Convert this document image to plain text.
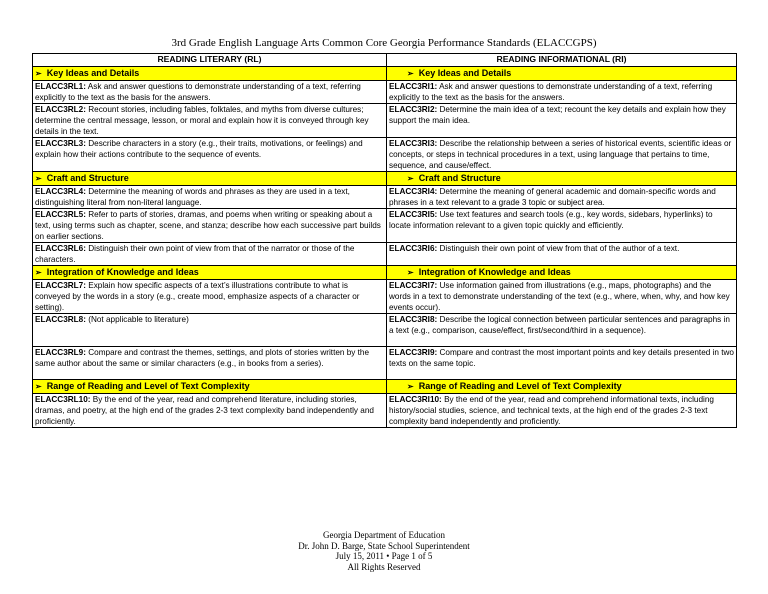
3rd Grade English Language Arts Common Core Georgia Performance Standards (ELACCGPS)
READING LITERARY (RL)	READING INFORMATIONAL (RI)
➢ Key Ideas and Details	➢ Key Ideas and Details
ELACC3RL1: Ask and answer questions to demonstrate understanding of a text, referring explicitly to the text as the basis for the answers.	ELACC3RI1: Ask and answer questions to demonstrate understanding of a text, referring explicitly to the text as the basis for the answers.
ELACC3RL2: Recount stories, including fables, folktales, and myths from diverse cultures; determine the central message, lesson, or moral and explain how it is conveyed through key details in the text.	ELACC3RI2: Determine the main idea of a text; recount the key details and explain how they support the main idea.
ELACC3RL3: Describe characters in a story (e.g., their traits, motivations, or feelings) and explain how their actions contribute to the sequence of events.	ELACC3RI3: Describe the relationship between a series of historical events, scientific ideas or concepts, or steps in technical procedures in a text, using language that pertains to time, sequence, and cause/effect.
➢ Craft and Structure	➢ Craft and Structure
ELACC3RL4: Determine the meaning of words and phrases as they are used in a text, distinguishing literal from non-literal language.	ELACC3RI4: Determine the meaning of general academic and domain-specific words and phrases in a text relevant to a grade 3 topic or subject area.
ELACC3RL5: Refer to parts of stories, dramas, and poems when writing or speaking about a text, using terms such as chapter, scene, and stanza; describe how each successive part builds on earlier sections.	ELACC3RI5: Use text features and search tools (e.g., key words, sidebars, hyperlinks) to locate information relevant to a given topic quickly and efficiently.
ELACC3RL6: Distinguish their own point of view from that of the narrator or those of the characters.	ELACC3RI6: Distinguish their own point of view from that of the author of a text.
➢ Integration of Knowledge and Ideas	➢ Integration of Knowledge and Ideas
ELACC3RL7: Explain how specific aspects of a text’s illustrations contribute to what is conveyed by the words in a story (e.g., create mood, emphasize aspects of a character or setting).	ELACC3RI7: Use information gained from illustrations (e.g., maps, photographs) and the words in a text to demonstrate understanding of the text (e.g., where, when, why, and how key events occur).
ELACC3RL8: (Not applicable to literature)	ELACC3RI8: Describe the logical connection between particular sentences and paragraphs in a text (e.g., comparison, cause/effect, first/second/third in a sequence).
ELACC3RL9: Compare and contrast the themes, settings, and plots of stories written by the same author about the same or similar characters (e.g., in books from a series).	ELACC3RI9: Compare and contrast the most important points and key details presented in two texts on the same topic.
➢ Range of Reading and Level of Text Complexity	➢ Range of Reading and Level of Text Complexity
ELACC3RL10: By the end of the year, read and comprehend literature, including stories, dramas, and poetry, at the high end of the grades 2-3 text complexity band independently and proficiently.	ELACC3RI10: By the end of the year, read and comprehend informational texts, including history/social studies, science, and technical texts, at the high end of the grades 2-3 text complexity band independently and proficiently.
Georgia Department of Education
Dr. John D. Barge, State School Superintendent
July 15, 2011 • Page 1 of 5
All Rights Reserved
